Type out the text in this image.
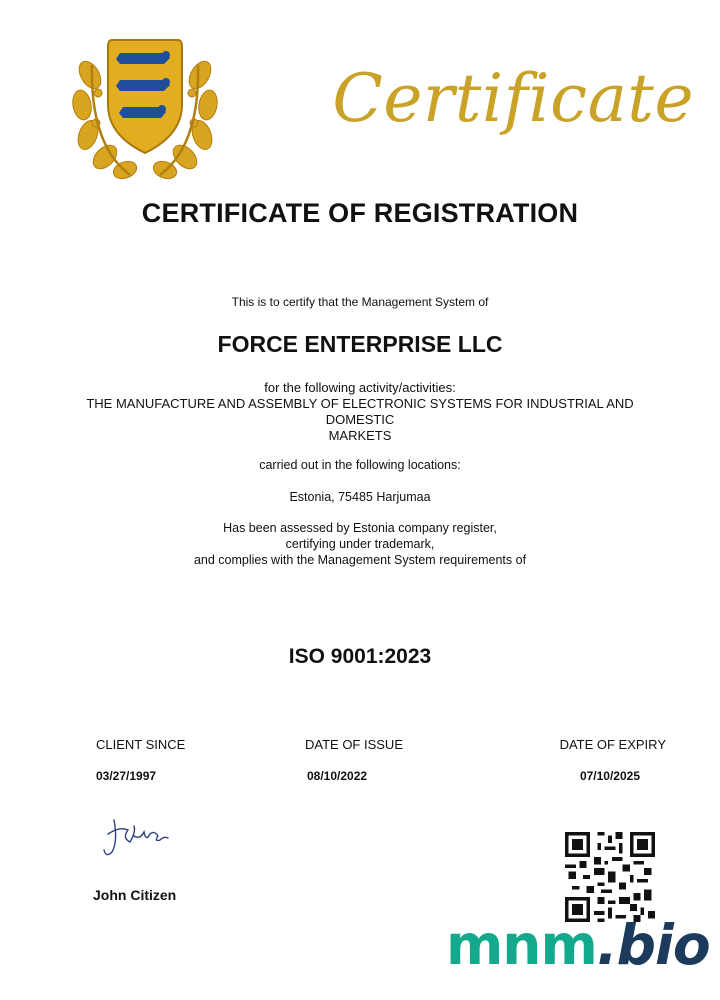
Certificate
CERTIFICATE OF REGISTRATION
This is to certify that the Management System of
FORCE ENTERPRISE LLC
for the following activity/activities:
THE MANUFACTURE AND ASSEMBLY OF ELECTRONIC SYSTEMS FOR INDUSTRIAL AND
DOMESTIC
MARKETS
carried out in the following locations:
Estonia, 75485 Harjumaa
Has been assessed by Estonia company register,
certifying under trademark,
and complies with the Management System requirements of
ISO 9001:2023
CLIENT SINCE
03/27/1997
DATE OF ISSUE
08/10/2022
DATE OF EXPIRY
07/10/2025
John Citizen
mnm.bio
